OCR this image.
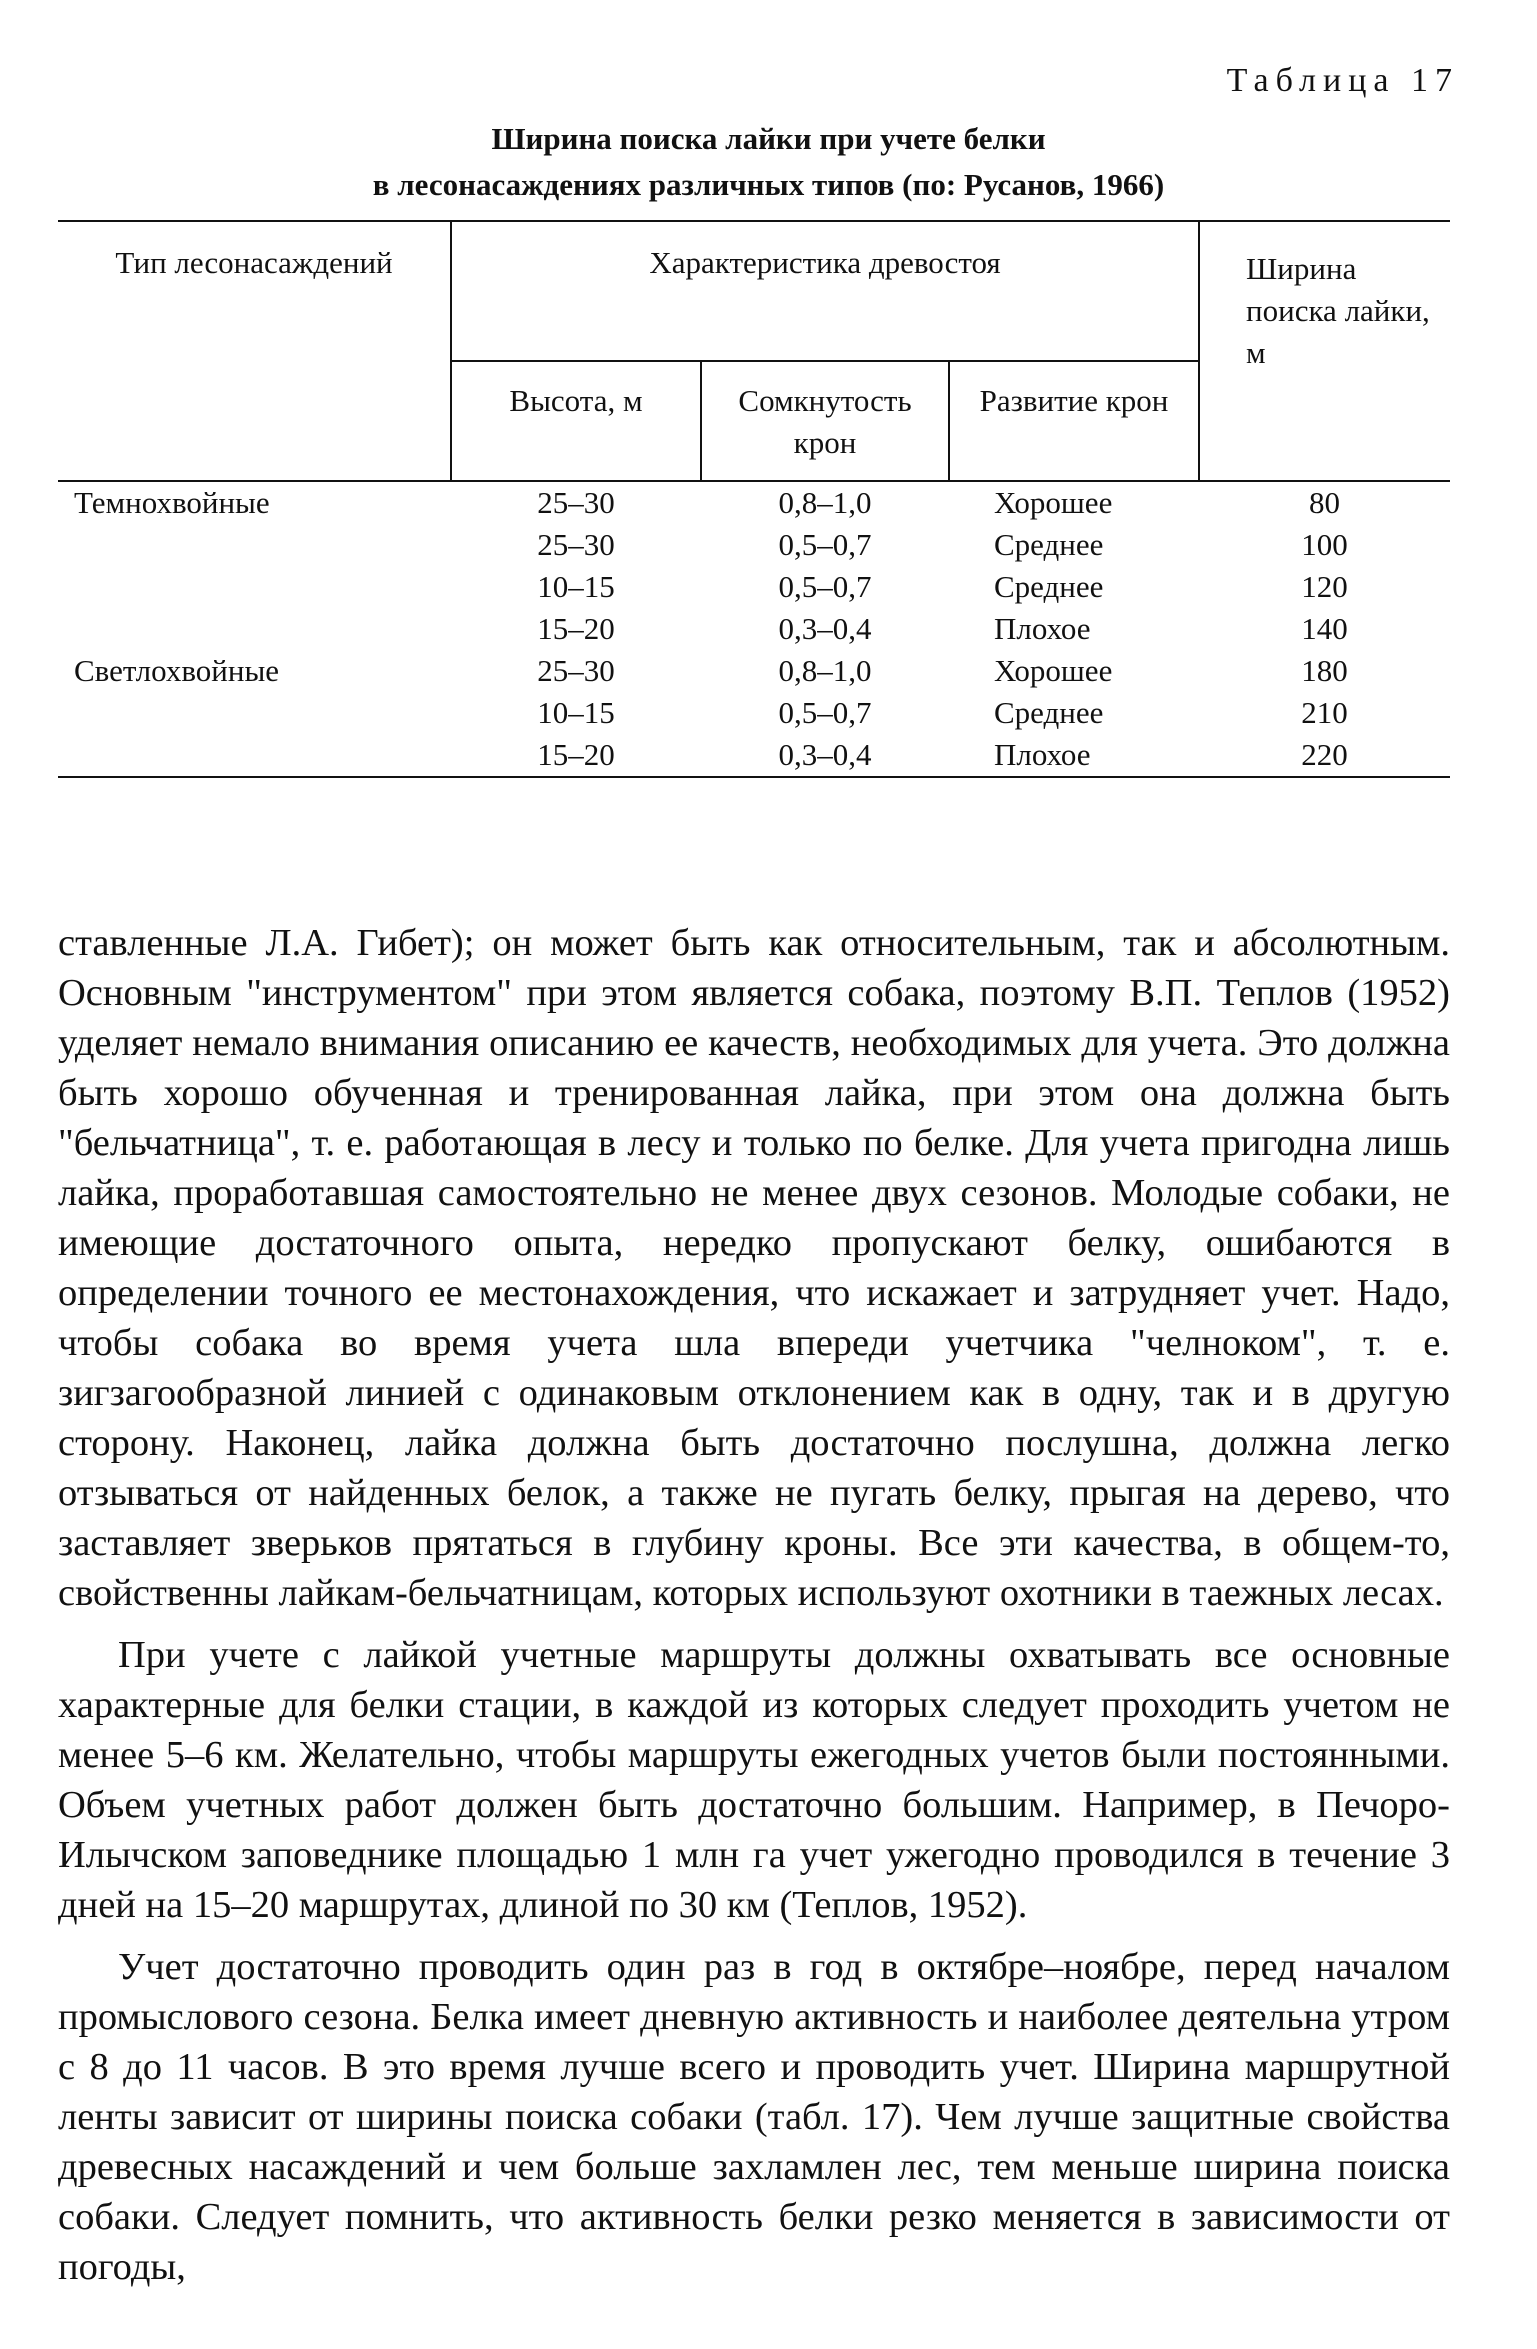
Таблица 17
Ширина поиска лайки при учете белки
в лесонасаждениях различных типов (по: Русанов, 1966)
Тип лесонасаждений	Характеристика древостоя			Ширина поиска лайки, м
	Высота, м	Сомкнутость крон	Развитие крон	
Темнохвойные	25–30	0,8–1,0	Хорошее	80
	25–30	0,5–0,7	Среднее	100
	10–15	0,5–0,7	Среднее	120
	15–20	0,3–0,4	Плохое	140
Светлохвойные	25–30	0,8–1,0	Хорошее	180
	10–15	0,5–0,7	Среднее	210
	15–20	0,3–0,4	Плохое	220

ставленные Л.А. Гибет); он может быть как относительным, так и абсолютным. Основным "инструментом" при этом является собака, поэтому В.П. Теплов (1952) уделяет немало внимания описанию ее качеств, необходимых для учета. Это должна быть хорошо обученная и тренированная лайка, при этом она должна быть "бельчатница", т. е. работающая в лесу и только по белке. Для учета пригодна лишь лайка, проработавшая самостоятельно не менее двух сезонов. Молодые собаки, не имеющие достаточного опыта, нередко пропускают белку, ошибаются в определении точного ее местонахождения, что искажает и затрудняет учет. Надо, чтобы собака во время учета шла впереди учетчика "челноком", т. е. зигзагообразной линией с одинаковым отклонением как в одну, так и в другую сторону. Наконец, лайка должна быть достаточно послушна, должна легко отзываться от найденных белок, а также не пугать белку, прыгая на дерево, что заставляет зверьков прятаться в глубину кроны. Все эти качества, в общем-то, свойственны лайкам-бельчатницам, которых используют охотники в таежных лесах.

При учете с лайкой учетные маршруты должны охватывать все основные характерные для белки стации, в каждой из которых следует проходить учетом не менее 5–6 км. Желательно, чтобы маршруты ежегодных учетов были постоянными. Объем учетных работ должен быть достаточно большим. Например, в Печоро-Илычском заповеднике площадью 1 млн га учет ужегодно проводился в течение 3 дней на 15–20 маршрутах, длиной по 30 км (Теплов, 1952).

Учет достаточно проводить один раз в год в октябре–ноябре, перед началом промыслового сезона. Белка имеет дневную активность и наиболее деятельна утром с 8 до 11 часов. В это время лучше всего и проводить учет. Ширина маршрутной ленты зависит от ширины поиска собаки (табл. 17). Чем лучше защитные свойства древесных насаждений и чем больше захламлен лес, тем меньше ширина поиска собаки. Следует помнить, что активность белки резко меняется в зависимости от погоды,
